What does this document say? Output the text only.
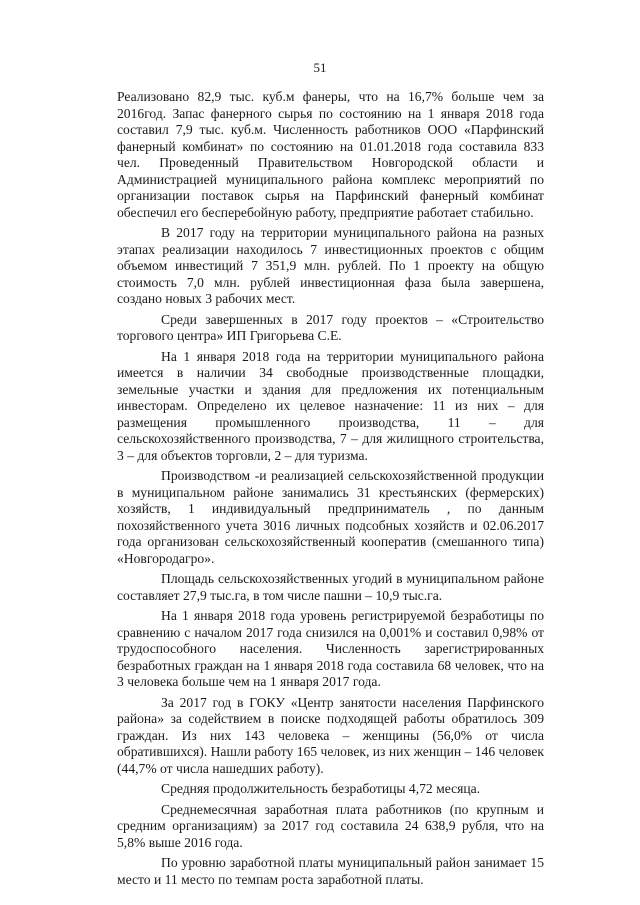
51

Реализовано 82,9 тыс. куб.м фанеры, что на 16,7% больше чем за 2016год. Запас фанерного сырья по состоянию на 1 января 2018 года составил 7,9 тыс. куб.м. Численность работников ООО «Парфинский фанерный комбинат» по состоянию на 01.01.2018 года составила 833 чел. Проведенный Правительством Новгородской области и Администрацией муниципального района комплекс мероприятий по организации поставок сырья на Парфинский фанерный комбинат обеспечил его бесперебойную работу, предприятие работает стабильно.

В 2017 году на территории муниципального района на разных этапах реализации находилось 7 инвестиционных проектов с общим объемом инвестиций 7 351,9 млн. рублей. По 1 проекту на общую стоимость 7,0 млн. рублей инвестиционная фаза была завершена, создано новых 3 рабочих мест.

Среди завершенных в 2017 году проектов – «Строительство торгового центра» ИП Григорьева С.Е.

На 1 января 2018 года на территории муниципального района имеется в наличии 34 свободные производственные площадки, земельные участки и здания для предложения их потенциальным инвесторам. Определено их целевое назначение: 11 из них – для размещения промышленного производства, 11 – для сельскохозяйственного производства, 7 – для жилищного строительства, 3 – для объектов торговли, 2 – для туризма.

Производством -и реализацией сельскохозяйственной продукции в муниципальном районе занимались 31 крестьянских (фермерских) хозяйств, 1 индивидуальный предприниматель , по данным похозяйственного учета 3016 личных подсобных хозяйств и 02.06.2017 года организован сельскохозяйственный кооператив (смешанного типа) «Новгородагро».

Площадь сельскохозяйственных угодий в муниципальном районе составляет 27,9 тыс.га, в том числе пашни – 10,9 тыс.га.

На 1 января 2018 года уровень регистрируемой безработицы по сравнению с началом 2017 года снизился на 0,001% и составил 0,98% от трудоспособного населения. Численность зарегистрированных безработных граждан на 1 января 2018 года составила 68 человек, что на 3 человека больше чем на 1 января 2017 года.

За 2017 год в ГОКУ «Центр занятости населения Парфинского района» за содействием в поиске подходящей работы обратилось 309 граждан. Из них 143 человека – женщины (56,0% от числа обратившихся). Нашли работу 165 человек, из них женщин – 146 человек (44,7% от числа нашедших работу).

Средняя продолжительность безработицы 4,72 месяца.

Среднемесячная заработная плата работников (по крупным и средним организациям) за 2017 год составила 24 638,9 рубля, что на 5,8% выше 2016 года.

По уровню заработной платы муниципальный район занимает 15 место и 11 место по темпам роста заработной платы.
